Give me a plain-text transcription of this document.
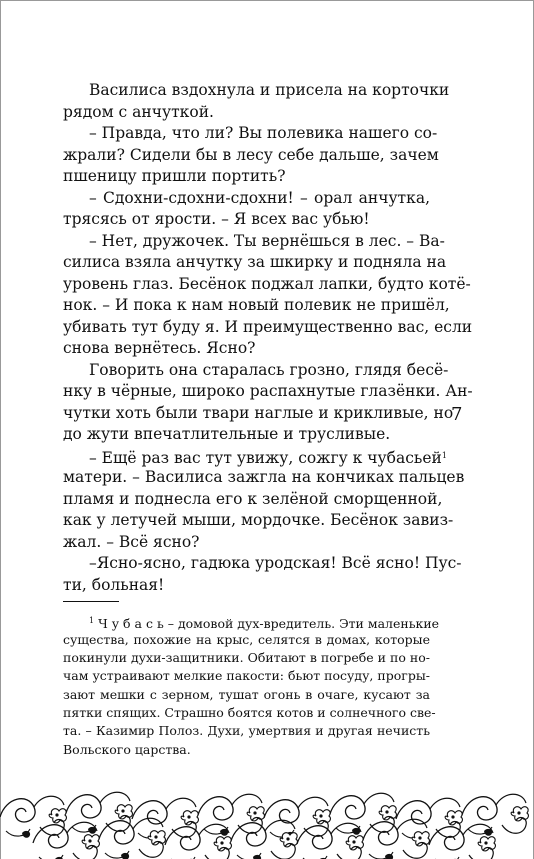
Василиса вздохнула и присела на корточки

рядом с анчуткой.

– Правда, что ли? Вы полевика нашего со-

жрали? Сидели бы в лесу себе дальше, зачем

пшеницу пришли портить?

– Сдохни-сдохни-сдохни! – орал анчутка,

трясясь от ярости. – Я всех вас убью!

– Нет, дружочек. Ты вернёшься в лес. – Ва-

силиса взяла анчутку за шкирку и подняла на

уровень глаз. Бесёнок поджал лапки, будто котё-

нок. – И пока к нам новый полевик не пришёл,

убивать тут буду я. И преимущественно вас, если

снова вернётесь. Ясно?

Говорить она старалась грозно, глядя бесё-

нку в чёрные, широко распахнутые глазёнки. Ан-

чутки хоть были твари наглые и крикливые, но

до жути впечатлительные и трусливые.

– Ещё раз вас тут увижу, сожгу к чубасьей$^1$

матери. – Василиса зажгла на кончиках пальцев

пламя и поднесла его к зелёной сморщенной,

как у летучей мыши, мордочке. Бесёнок завиз-

жал. – Всё ясно?

–Ясно-ясно, гадюка уродская! Всё ясно! Пус-

ти, больная!

7

$^1$ Ч у б а с ь – домовой дух-вредитель. Эти маленькие

существа, похожие на крыс, селятся в домах, которые

покинули духи-защитники. Обитают в погребе и по но-

чам устраивают мелкие пакости: бьют посуду, прогры-

зают мешки с зерном, тушат огонь в очаге, кусают за

пятки спящих. Страшно боятся котов и солнечного све-

та. – Казимир Полоз. Духи, умертвия и другая нечисть

Вольского царства.
